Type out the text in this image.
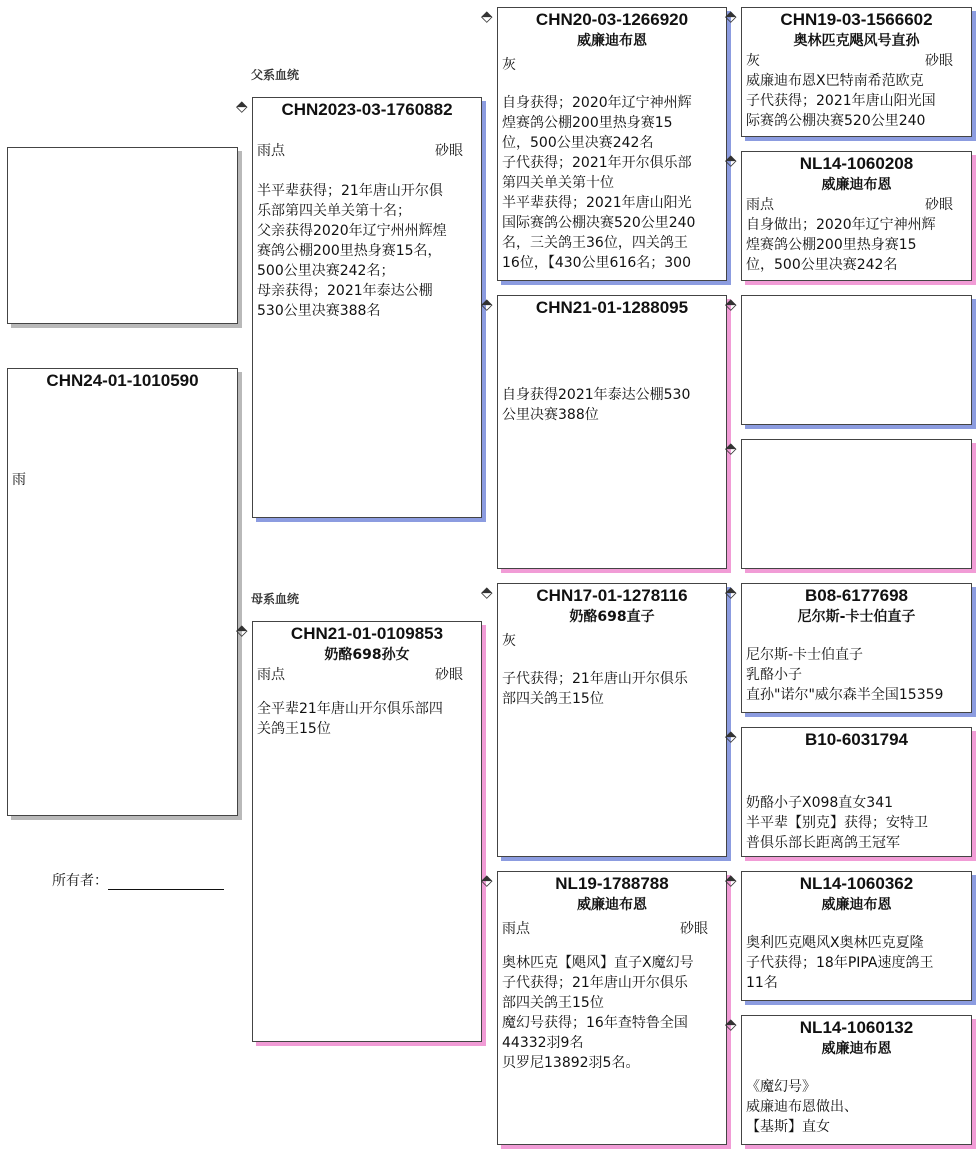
父系血统
母系血统
CHN24-01-1010590
雨
所有者：
⬘	CHN2023-03-1760882
雨点	砂眼
半平辈获得；21年唐山开尔俱
乐部第四关单关第十名；
父亲获得2020年辽宁州州辉煌
赛鸽公棚200里热身赛15名，
500公里决赛242名；
母亲获得；2021年泰达公棚
530公里决赛388名
⬘	CHN21-01-0109853
奶酪698孙女
雨点	砂眼
全平辈21年唐山开尔俱乐部四
关鸽王15位
⬘	CHN20-03-1266920
威廉迪布恩
灰
自身获得；2020年辽宁神州辉
煌赛鸽公棚200里热身赛15
位，500公里决赛242名
子代获得；2021年开尔俱乐部
第四关单关第十位
半平辈获得；2021年唐山阳光
国际赛鸽公棚决赛520公里240
名，三关鸽王36位，四关鸽王
16位，【430公里616名；300
⬘	CHN21-01-1288095
自身获得2021年泰达公棚530
公里决赛388位
⬘	CHN17-01-1278116
奶酪698直子
灰
子代获得；21年唐山开尔俱乐
部四关鸽王15位
⬘	NL19-1788788
威廉迪布恩
雨点	砂眼
奥林匹克【飓风】直子X魔幻号
子代获得；21年唐山开尔俱乐
部四关鸽王15位
魔幻号获得；16年查特鲁全国
44332羽9名
贝罗尼13892羽5名。
⬘	CHN19-03-1566602
奥林匹克飓风号直孙
灰	砂眼
威廉迪布恩X巴特南希范欧克
子代获得；2021年唐山阳光国
际赛鸽公棚决赛520公里240
⬘	NL14-1060208
威廉迪布恩
雨点	砂眼
自身做出；2020年辽宁神州辉
煌赛鸽公棚200里热身赛15
位，500公里决赛242名
⬘
⬘
⬘	B08-6177698
尼尔斯-卡士伯直子
尼尔斯-卡士伯直子
乳酪小子
直孙"诺尔"威尔森半全国15359
⬘	B10-6031794
奶酪小子X098直女341
半平辈【别克】获得；安特卫
普俱乐部长距离鸽王冠军
⬘	NL14-1060362
威廉迪布恩
奥利匹克飓风X奥林匹克夏隆
子代获得；18年PIPA速度鸽王
11名
⬘	NL14-1060132
威廉迪布恩
《魔幻号》
威廉迪布恩做出、
【基斯】直女
